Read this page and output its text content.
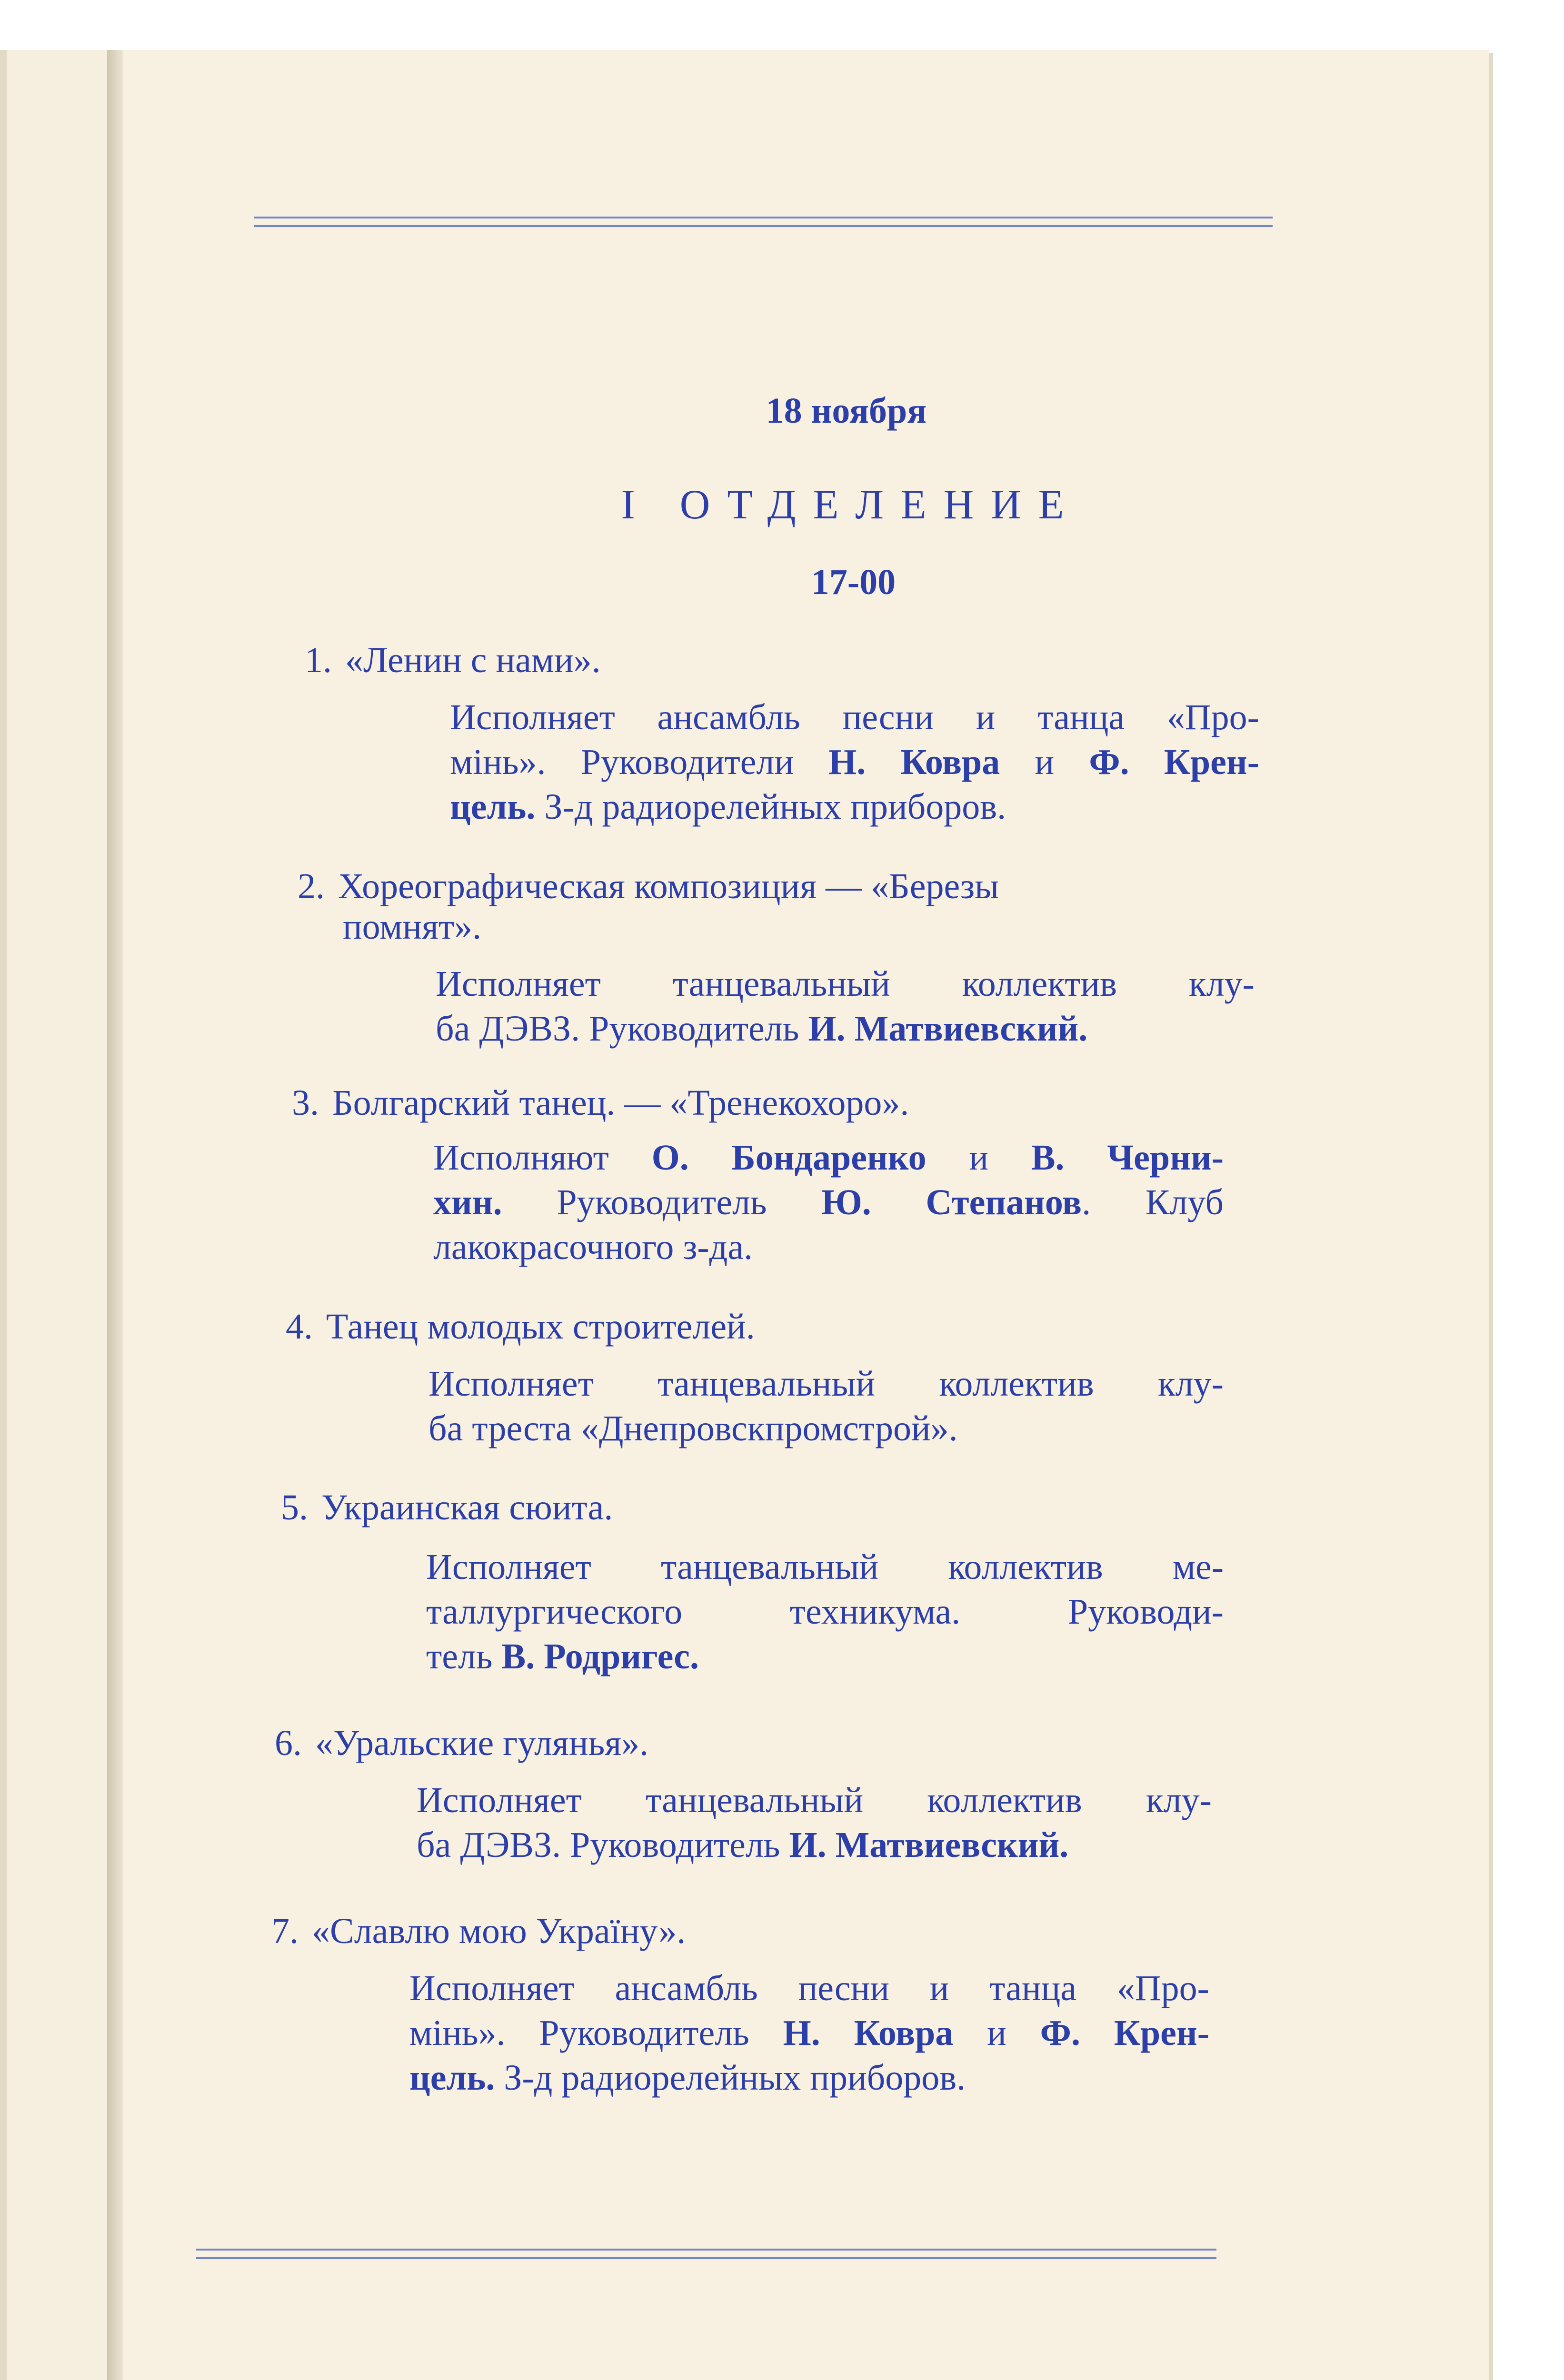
18 ноября
I ОТДЕЛЕНИЕ
17-00
1. «Ленин с нами».
Исполняет ансамбль песни и танца «Про-
мінь». Руководители Н. Ковра и Ф. Крен-
цель. З-д радиорелейных приборов.
2. Хореографическая композиция — «Березы
помнят».
Исполняет танцевальный коллектив клу-
ба ДЭВЗ. Руководитель И. Матвиевский.
3. Болгарский танец. — «Тренекохоро».
Исполняют О. Бондаренко и В. Черни-
хин. Руководитель Ю. Степанов. Клуб
лакокрасочного з-да.
4. Танец молодых строителей.
Исполняет танцевальный коллектив клу-
ба треста «Днепровскпромстрой».
5. Украинская сюита.
Исполняет танцевальный коллектив ме-
таллургического техникума. Руководи-
тель В. Родригес.
6. «Уральские гулянья».
Исполняет танцевальный коллектив клу-
ба ДЭВЗ. Руководитель И. Матвиевский.
7. «Славлю мою Украïну».
Исполняет ансамбль песни и танца «Про-
мінь». Руководитель Н. Ковра и Ф. Крен-
цель. З-д радиорелейных приборов.
